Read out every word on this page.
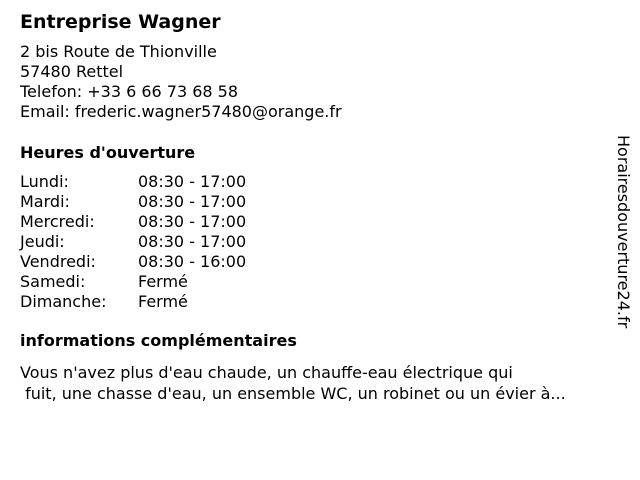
Entreprise Wagner
2 bis Route de Thionville
57480 Rettel
Telefon: +33 6 66 73 68 58
Email: frederic.wagner57480@orange.fr
Heures d'ouverture
Lundi:	08:30 - 17:00
Mardi:	08:30 - 17:00
Mercredi:	08:30 - 17:00
Jeudi:	08:30 - 17:00
Vendredi:	08:30 - 16:00
Samedi:	Fermé
Dimanche:	Fermé
informations complémentaires
Vous n'avez plus d'eau chaude, un chauffe-eau électrique qui
fuit, une chasse d'eau, un ensemble WC, un robinet ou un évier à...
Horairesdouverture24.fr
